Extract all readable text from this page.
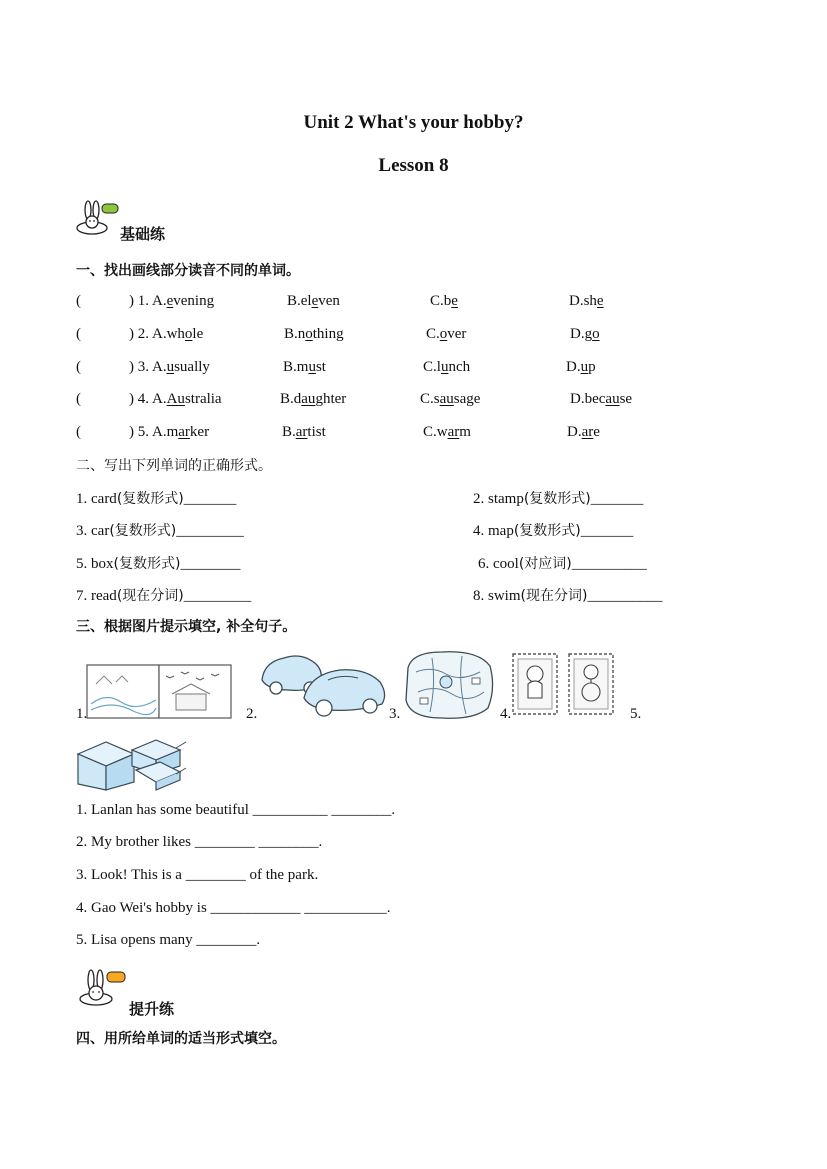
Unit 2 What's your hobby?
Lesson 8
基础练
一、找出画线部分读音不同的单词。
(	) 1. A.evening	B.eleven	C.be	D.she
(	) 2. A.whole	B.nothing	C.over	D.go
(	) 3. A.usually	B.must	C.lunch	D.up
(	) 4. A.Australia	B.daughter	C.sausage	D.because
(	) 5. A.marker	B.artist	C.warm	D.are
二、写出下列单词的正确形式。
1. card(复数形式)_______	2. stamp(复数形式)_______
3. car(复数形式)_________	4. map(复数形式)_______
5. box(复数形式)________	6. cool(对应词)__________
7. read(现在分词)_________	8. swim(现在分词)__________
三、根据图片提示填空, 补全句子。
1.	2.	3.	4.	5.
1. Lanlan has some beautiful __________ ________.
2. My brother likes ________ ________.
3. Look! This is a ________ of the park.
4. Gao Wei's hobby is ____________ ___________.
5. Lisa opens many ________.
提升练
四、用所给单词的适当形式填空。
